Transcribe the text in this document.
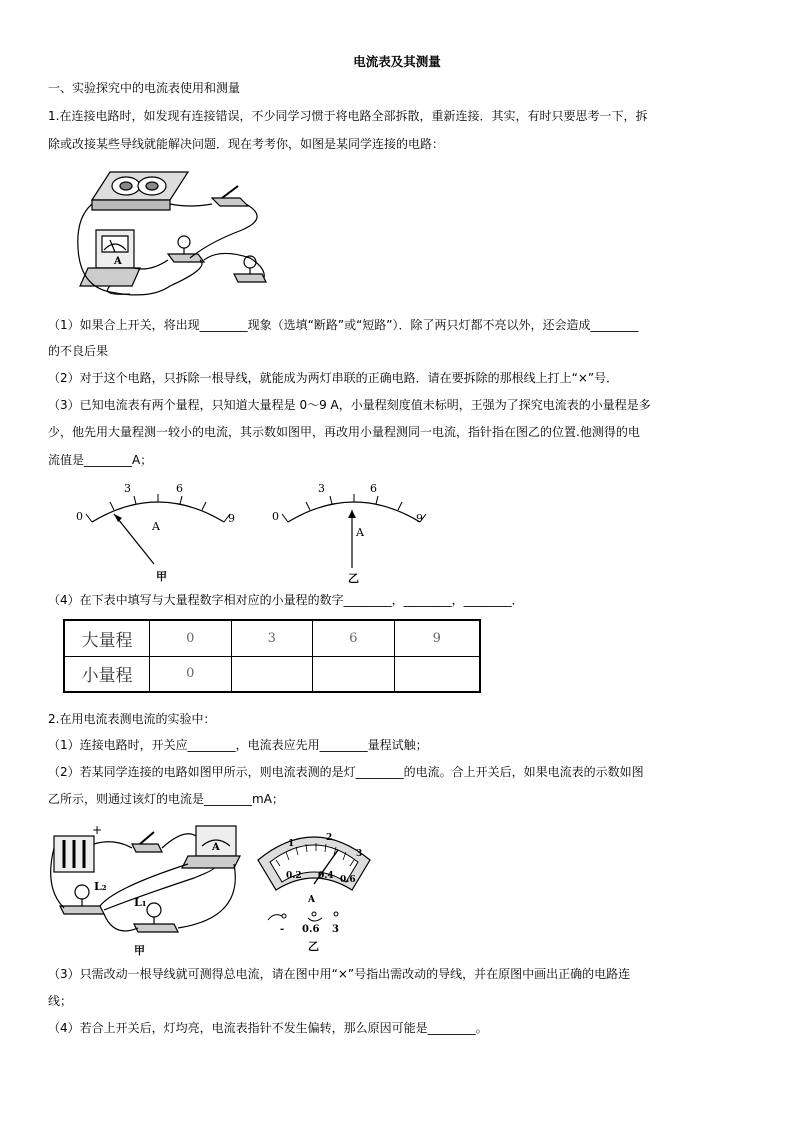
电流表及其测量
一、实验探究中的电流表使用和测量
1.在连接电路时，如发现有连接错误，不少同学习惯于将电路全部拆散，重新连接．其实，有时只要思考一下，拆
除或改接某些导线就能解决问题．现在考考你，如图是某同学连接的电路：
A
（1）如果合上开关，将出现________现象（选填“断路”或“短路”）．除了两只灯都不亮以外，还会造成________
的不良后果
（2）对于这个电路，只拆除一根导线，就能成为两灯串联的正确电路．请在要拆除的那根线上打上“×”号．
（3）已知电流表有两个量程，只知道大量程是 0～9 A，小量程刻度值未标明，王强为了探究电流表的小量程是多
少，他先用大量程测一较小的电流，其示数如图甲，再改用小量程测同一电流，指针指在图乙的位置.他测得的电
流值是________A；
0
3	6
9
A
甲
0
3	6
9
A
乙
（4）在下表中填写与大量程数字相对应的小量程的数字________，________，________．
大量程	0	3	6	9
小量程	0			
2.在用电流表测电流的实验中：
（1）连接电路时，开关应________，电流表应先用________量程试触；
（2）若某同学连接的电路如图甲所示，则电流表测的是灯________的电流。合上开关后，如果电流表的示数如图
乙所示，则通过该灯的电流是________mA；
+
A
L₂
L₁
甲
1
2
3
0.2 0.4 0.6
A
- 0.6 3
乙
（3）只需改动一根导线就可测得总电流，请在图中用“×”号指出需改动的导线，并在原图中画出正确的电路连
线；
（4）若合上开关后，灯均亮，电流表指针不发生偏转，那么原因可能是________。
